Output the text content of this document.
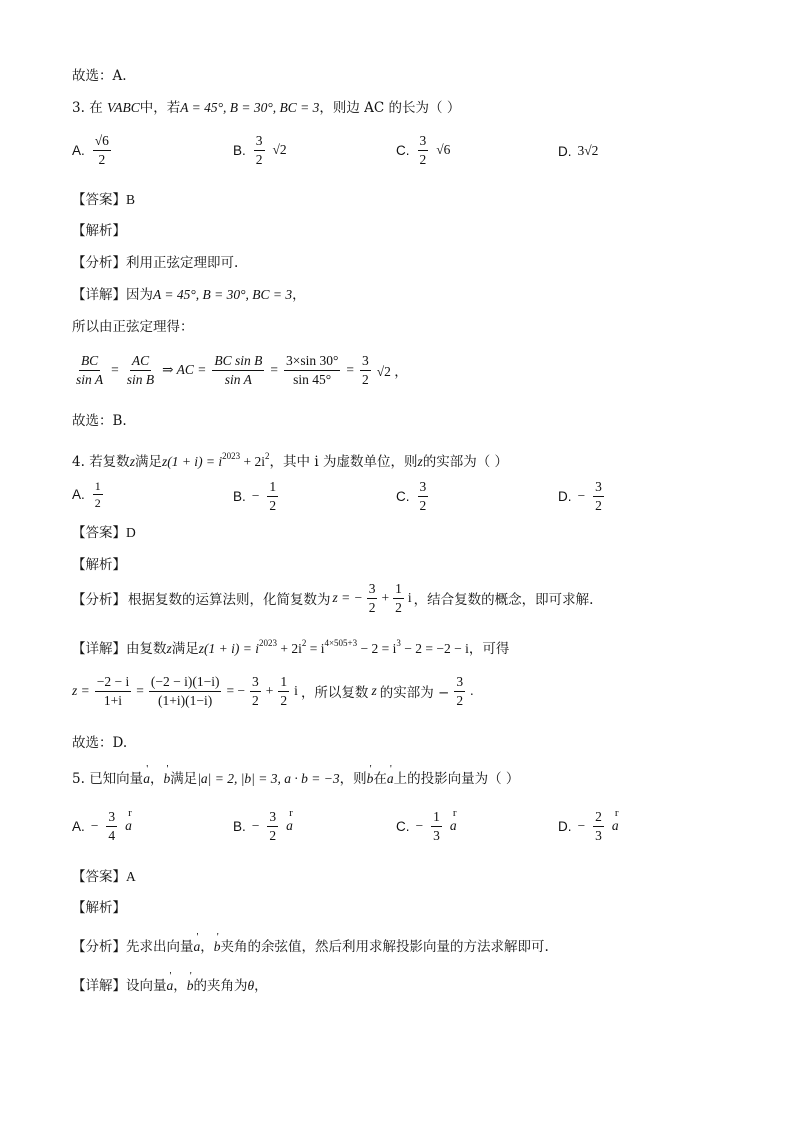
故选：A.
3. 在 VABC中，若A = 45°, B = 30°, BC = 3，则边 AC 的长为（ ）
A. $\frac{√6}{2}$	B. $\frac{3}{2} √2$	C. $\frac{3}{2} √6$	D. 3√2
【答案】B
【解析】
【分析】利用正弦定理即可.
【详解】因为A = 45°, B = 30°, BC = 3，
所以由正弦定理得：
$\frac{BC}{\text{sin A}} = \frac{AC}{\text{sin B}}$ ⇒ AC = $\frac{\text{BC sin B}}{\text{sin A}} = \frac{3\times\sin 30^\circ}{\sin 45^\circ} = \frac{3}{2} √2$ ，
故选：B.
4. 若复数z满足$z(1 + i) = i^{2023} + 2i^2$，其中 i 为虚数单位，则z的实部为（ ）
A. $\frac{1}{2}$	B. − $\frac{1}{2}$	C. $\frac{3}{2}$	D. − $\frac{3}{2}$
【答案】D
【解析】
【分析】 根据复数的运算法则，化简复数为 z = − $\frac{3}{2} + \frac{1}{2}$ i ，结合复数的概念，即可求解.
【详解】由复数z满足$z(1 + i) = i^{2023} + 2i^2 = i^{4\times 505+3} - 2 = i^3 - 2 = -2 - i$，可得
$z = \frac{-2 - i}{1+i} = \frac{(-2 - i)(1-i)}{(1+i)(1-i)}$ = − $\frac{3}{2} + \frac{1}{2}$ i ，所以复数 z 的实部为 − $\frac{3}{2}$ .
故选：D.
5. 已知向量' a，' b满足|a| = 2, |b| = 3, a · b = −3，则' b在' a上的投影向量为（ ）
A. − $\frac{3}{4}$ r a	B. − $\frac{3}{2}$ r a	C. − $\frac{1}{3}$ r a	D. − $\frac{2}{3}$ r a
【答案】A
【解析】
【分析】先求出向量' a，' b夹角的余弦值，然后利用求解投影向量的方法求解即可.
【详解】设向量' a，' b的夹角为θ，
